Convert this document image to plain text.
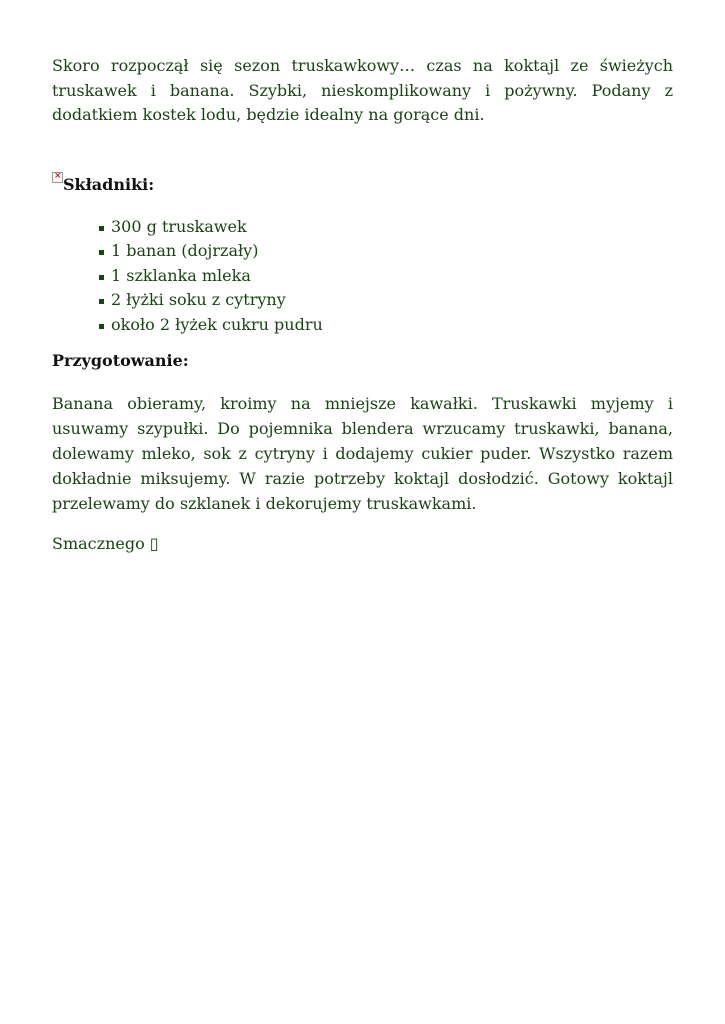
Skoro rozpoczął się sezon truskawkowy… czas na koktajl ze świeżych truskawek i banana. Szybki, nieskomplikowany i pożywny. Podany z dodatkiem kostek lodu, będzie idealny na gorące dni.

× Składniki:
300 g truskawek
1 banan (dojrzały)
1 szklanka mleka
2 łyżki soku z cytryny
około 2 łyżek cukru pudru
Przygotowanie:

Banana obieramy, kroimy na mniejsze kawałki. Truskawki myjemy i usuwamy szypułki. Do pojemnika blendera wrzucamy truskawki, banana, dolewamy mleko, sok z cytryny i dodajemy cukier puder. Wszystko razem dokładnie miksujemy. W razie potrzeby koktajl dosłodzić. Gotowy koktajl przelewamy do szklanek i dekorujemy truskawkami.

Smacznego ▯
